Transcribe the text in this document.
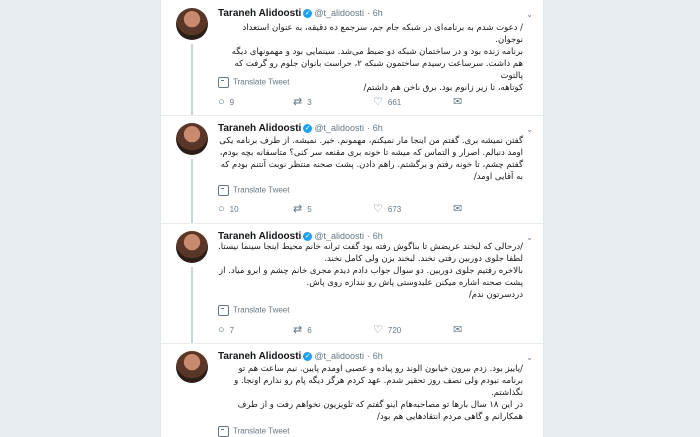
Taraneh Alidoosti ✓ @t_alidoosti · 6h	⌄
/ دعوت شدم به برنامه‌ای در شبکه جام جم، سرجمع ده دقیقه، به عنوان استعداد نوجوان.
برنامه زنده بود و در ساختمان شبکه دو ضبط می‌شد. سینمایی بود و مهمونهای دیگه
هم داشت. سرساعت رسیدم ساختمون شبکه ۲، حراست بانوان جلوم رو گرفت که پالتوت
کوتاهه، تا زیر زانوم بود. برق ناخن هم داشتم/
Translate Tweet
○ 9	⇄ 3	♡ 661	✉
Taraneh Alidoosti ✓ @t_alidoosti · 6h	⌄
گفتن نمیشه بری. گفتم من اینجا مار نمیکنم، مهمونم. خیر. نمیشه. از طرف برنامه یکی
اومد دنبالم. اصرار و التماس که میشه تا خونه بری مقنعه سر کنی؟ متاسفانه بچه بودم،
گفتم چشم، تا خونه رفتم و برگشتم. راهم دادن. پشت صحنه منتظر نوبت آنتنم بودم که
به آقایی اومد/
Translate Tweet
○ 10	⇄ 5	♡ 673	✉
Taraneh Alidoosti ✓ @t_alidoosti · 6h	⌄
/درحالی که لبخند عریضش تا بناگوش رفته بود گفت ترانه خانم محیط اینجا سینما نیستا.
لطفا جلوی دوربین رفتی نخند. لبخند بزن ولی کامل نخند.
بالاخره رفتیم جلوی دوربین. دو سوال جواب دادم دیدم مجری خانم چشم و ابرو میاد. از
پشت صحنه اشاره میکنن علیدوستی پاش رو نندازه روی پاش.
دردسرتون ندم/
Translate Tweet
○ 7	⇄ 6	♡ 720	✉
Taraneh Alidoosti ✓ @t_alidoosti · 6h	⌄
/پاییز بود. زدم بیرون خیابون الوند رو پیاده و عصبی اومدم پایین. نیم ساعت هم تو
برنامه نبودم ولی نصف روز تحقیر شدم. عهد کردم هرگز دیگه پام رو نذارم اونجا. و
نگذاشتم.
در این ۱۸ سال بارها تو مصاحبه‌هام اینو گفتم که تلویزیون نخواهم رفت و از طرف
همکارانم و گاهی مردم انتقادهایی هم بود/
Translate Tweet
